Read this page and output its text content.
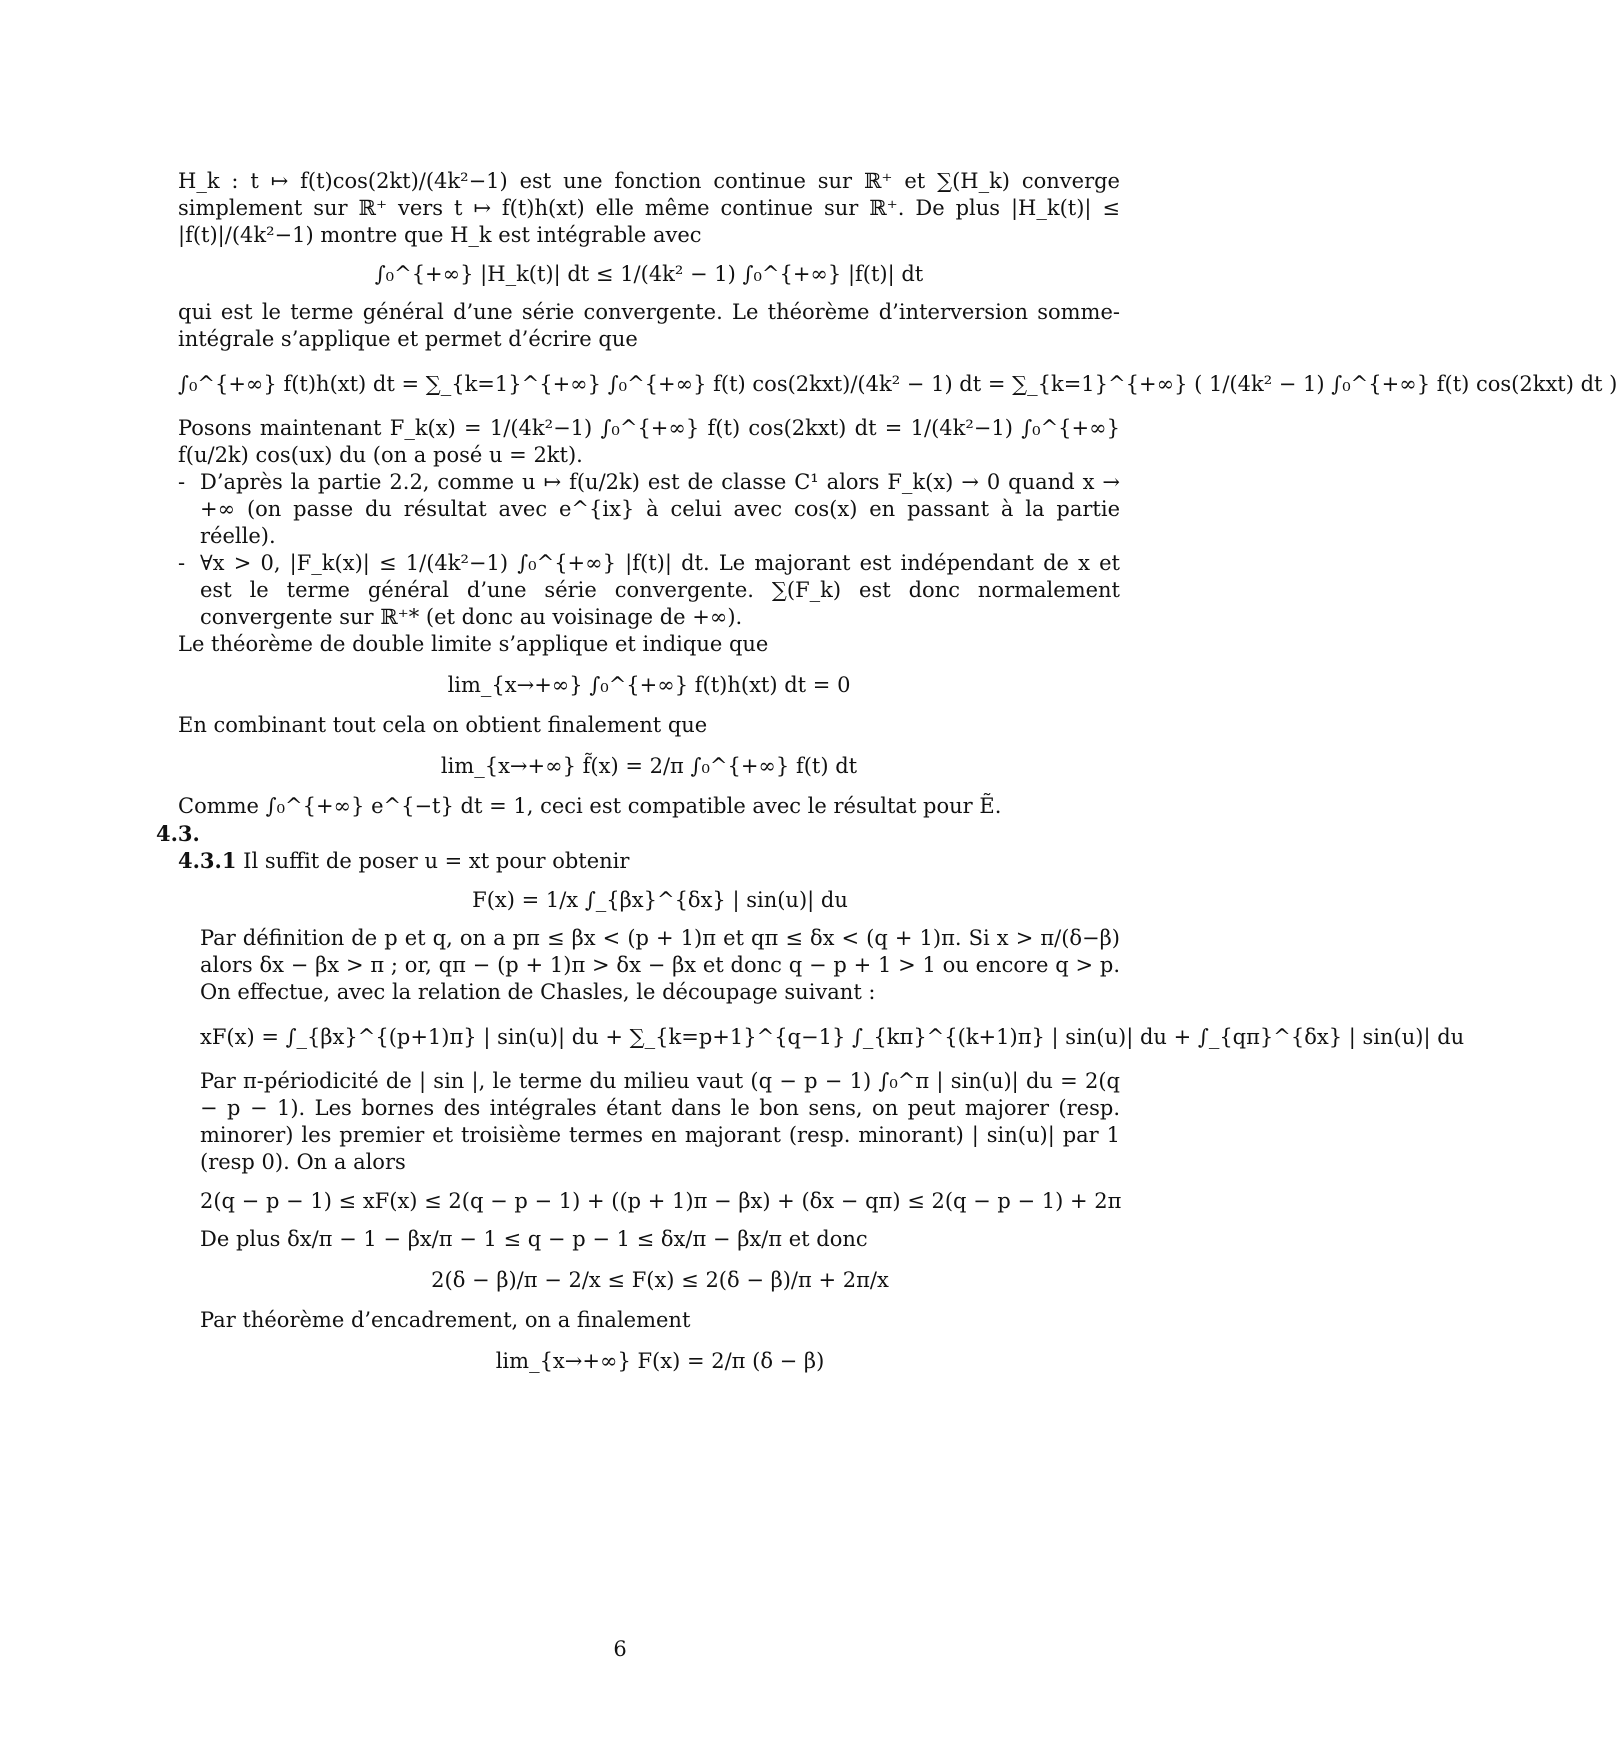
H_k : t ↦ f(t)cos(2kt)/(4k²−1) est une fonction continue sur ℝ⁺ et ∑(H_k) converge simplement sur ℝ⁺ vers t ↦ f(t)h(xt) elle même continue sur ℝ⁺. De plus |H_k(t)| ≤ |f(t)|/(4k²−1) montre que H_k est intégrable avec

∫₀^{+∞} |H_k(t)| dt ≤ 1/(4k² − 1) ∫₀^{+∞} |f(t)| dt

qui est le terme général d’une série convergente. Le théorème d’interversion somme-intégrale s’applique et permet d’écrire que

∫₀^{+∞} f(t)h(xt) dt = ∑_{k=1}^{+∞} ∫₀^{+∞} f(t) cos(2kxt)/(4k² − 1) dt = ∑_{k=1}^{+∞} ( 1/(4k² − 1) ∫₀^{+∞} f(t) cos(2kxt) dt )

Posons maintenant F_k(x) = 1/(4k²−1) ∫₀^{+∞} f(t) cos(2kxt) dt = 1/(4k²−1) ∫₀^{+∞} f(u/2k) cos(ux) du (on a posé u = 2kt).

- D’après la partie 2.2, comme u ↦ f(u/2k) est de classe C¹ alors F_k(x) → 0 quand x → +∞ (on passe du résultat avec e^{ix} à celui avec cos(x) en passant à la partie réelle).
- ∀x > 0, |F_k(x)| ≤ 1/(4k²−1) ∫₀^{+∞} |f(t)| dt. Le majorant est indépendant de x et est le terme général d’une série convergente. ∑(F_k) est donc normalement convergente sur ℝ⁺* (et donc au voisinage de +∞).

Le théorème de double limite s’applique et indique que

lim_{x→+∞} ∫₀^{+∞} f(t)h(xt) dt = 0

En combinant tout cela on obtient finalement que

lim_{x→+∞} f̃(x) = 2/π ∫₀^{+∞} f(t) dt

Comme ∫₀^{+∞} e^{−t} dt = 1, ceci est compatible avec le résultat pour Ẽ.

4.3.

4.3.1 Il suffit de poser u = xt pour obtenir

F(x) = 1/x ∫_{βx}^{δx} | sin(u)| du

Par définition de p et q, on a pπ ≤ βx < (p + 1)π et qπ ≤ δx < (q + 1)π. Si x > π/(δ−β) alors δx − βx > π ; or, qπ − (p + 1)π > δx − βx et donc q − p + 1 > 1 ou encore q > p. On effectue, avec la relation de Chasles, le découpage suivant :

xF(x) = ∫_{βx}^{(p+1)π} | sin(u)| du + ∑_{k=p+1}^{q−1} ∫_{kπ}^{(k+1)π} | sin(u)| du + ∫_{qπ}^{δx} | sin(u)| du

Par π-périodicité de | sin |, le terme du milieu vaut (q − p − 1) ∫₀^π | sin(u)| du = 2(q − p − 1). Les bornes des intégrales étant dans le bon sens, on peut majorer (resp. minorer) les premier et troisième termes en majorant (resp. minorant) | sin(u)| par 1 (resp 0). On a alors

2(q − p − 1) ≤ xF(x) ≤ 2(q − p − 1) + ((p + 1)π − βx) + (δx − qπ) ≤ 2(q − p − 1) + 2π

De plus δx/π − 1 − βx/π − 1 ≤ q − p − 1 ≤ δx/π − βx/π et donc

2(δ − β)/π − 2/x ≤ F(x) ≤ 2(δ − β)/π + 2π/x

Par théorème d’encadrement, on a finalement

lim_{x→+∞} F(x) = 2/π (δ − β)
6
